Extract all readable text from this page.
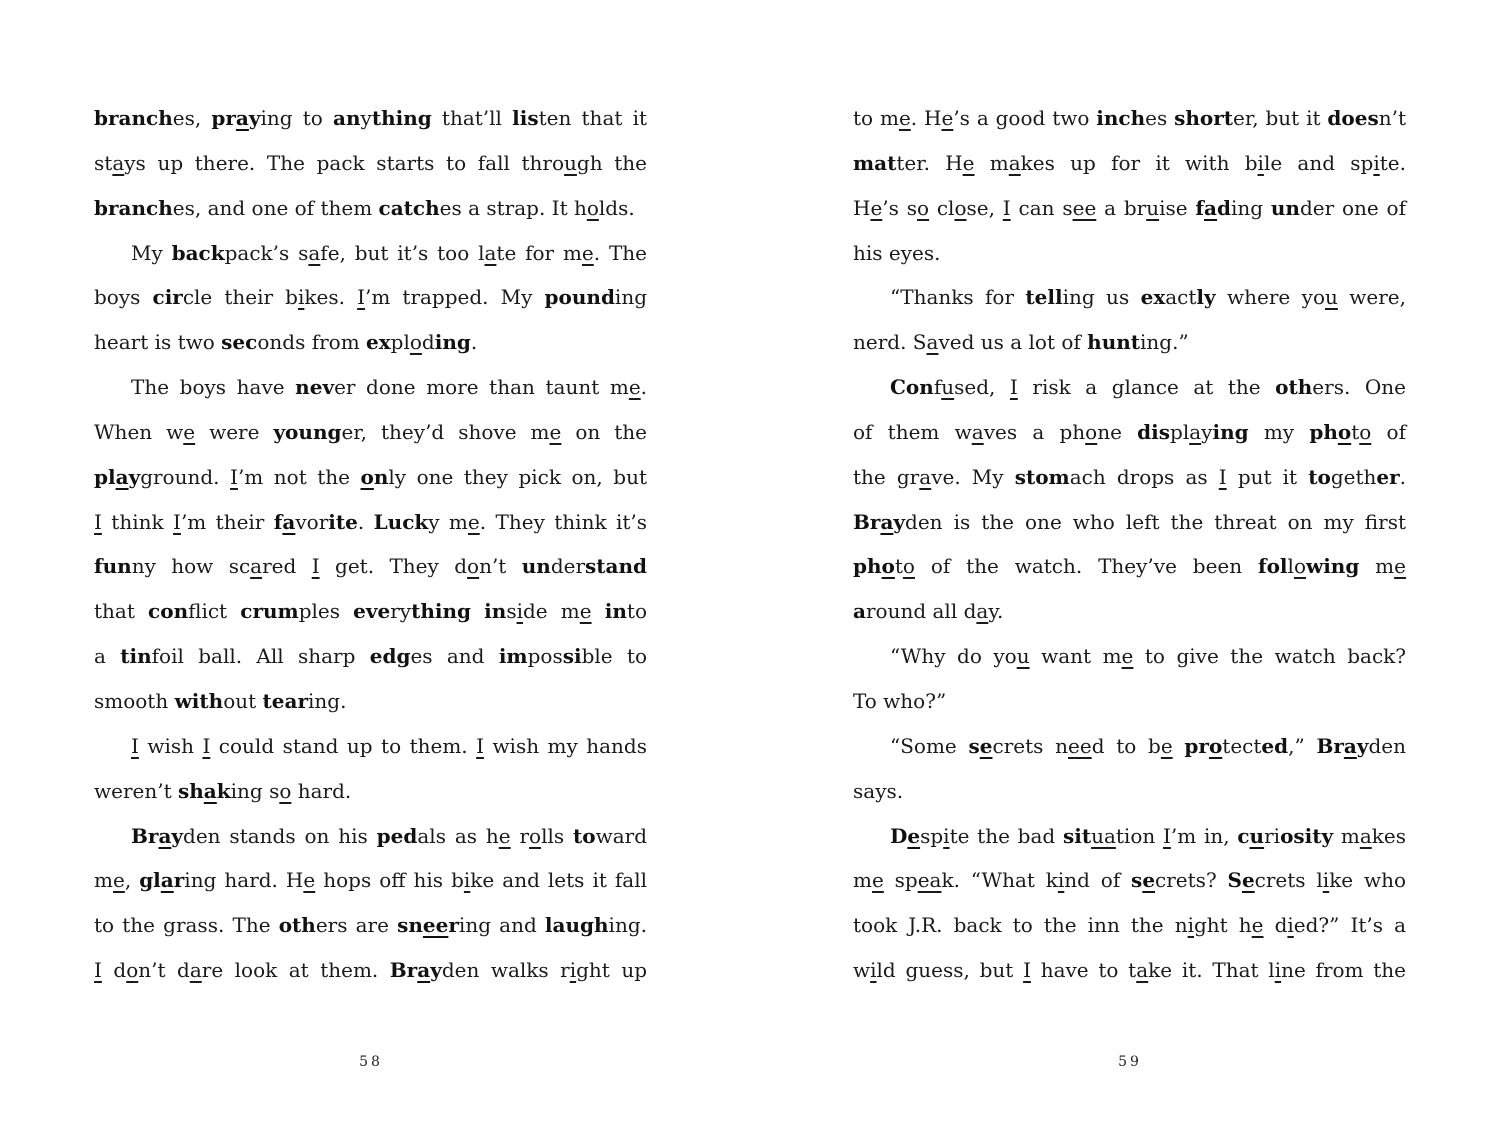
branches, praying to anything that’ll listen that it
stays up there. The pack starts to fall through the
branches, and one of them catches a strap. It holds.
My backpack’s safe, but it’s too late for me. The
boys circle their bikes. I’m trapped. My pounding
heart is two seconds from exploding.
The boys have never done more than taunt me.
When we were younger, they’d shove me on the
playground. I’m not the only one they pick on, but
I think I’m their favorite. Lucky me. They think it’s
funny how scared I get. They don’t understand
that conflict crumples everything inside me into
a tinfoil ball. All sharp edges and impossible to
smooth without tearing.
I wish I could stand up to them. I wish my hands
weren’t shaking so hard.
Brayden stands on his pedals as he rolls toward
me, glaring hard. He hops off his bike and lets it fall
to the grass. The others are sneering and laughing.
I don’t dare look at them. Brayden walks right up
58
to me. He’s a good two inches shorter, but it doesn’t
matter. He makes up for it with bile and spite.
He’s so close, I can see a bruise fading under one of
his eyes.
“Thanks for telling us exactly where you were,
nerd. Saved us a lot of hunting.”
Confused, I risk a glance at the others. One
of them waves a phone displaying my photo of
the grave. My stomach drops as I put it together.
Brayden is the one who left the threat on my first
photo of the watch. They’ve been following me
around all day.
“Why do you want me to give the watch back?
To who?”
“Some secrets need to be protected,” Brayden
says.
Despite the bad situation I’m in, curiosity makes
me speak. “What kind of secrets? Secrets like who
took J.R. back to the inn the night he died?” It’s a
wild guess, but I have to take it. That line from the
59
